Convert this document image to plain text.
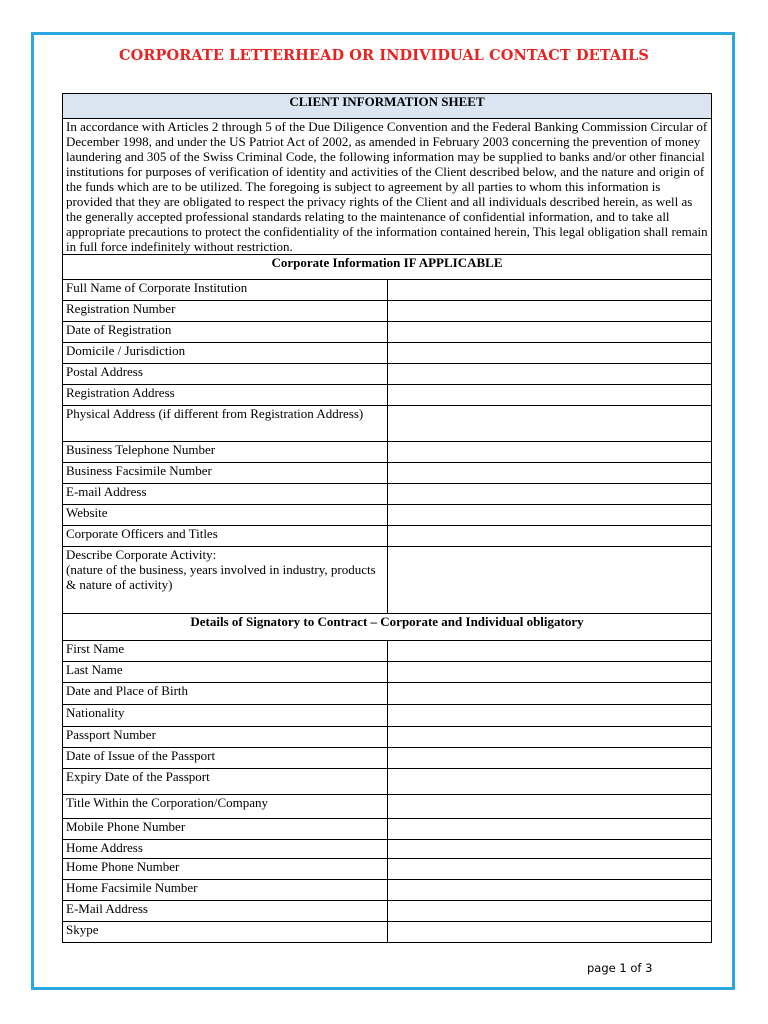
CORPORATE LETTERHEAD OR INDIVIDUAL CONTACT DETAILS
CLIENT INFORMATION SHEET	
In accordance with Articles 2 through 5 of the Due Diligence Convention and the Federal Banking Commission Circular of December 1998, and under the US Patriot Act of 2002, as amended in February 2003 concerning the prevention of money laundering and 305 of the Swiss Criminal Code, the following information may be supplied to banks and/or other financial institutions for purposes of verification of identity and activities of the Client described below, and the nature and origin of the funds which are to be utilized. The foregoing is subject to agreement by all parties to whom this information is provided that they are obligated to respect the privacy rights of the Client and all individuals described herein, as well as the generally accepted professional standards relating to the maintenance of confidential information, and to take all appropriate precautions to protect the confidentiality of the information contained herein, This legal obligation shall remain in full force indefinitely without restriction.	
Corporate Information IF APPLICABLE	
Full Name of Corporate Institution	
Registration Number	
Date of Registration	
Domicile / Jurisdiction	
Postal Address	
Registration Address	
Physical Address (if different from Registration Address)	
Business Telephone Number	
Business Facsimile Number	
E-mail Address	
Website	
Corporate Officers and Titles	
Describe Corporate Activity:
(nature of the business, years involved in industry, products & nature of activity)	
Details of Signatory to Contract – Corporate and Individual obligatory	
First Name	
Last Name	
Date and Place of Birth	
Nationality	
Passport Number	
Date of Issue of the Passport	
Expiry Date of the Passport	
Title Within the Corporation/Company	
Mobile Phone Number	
Home Address	
Home Phone Number	
Home Facsimile Number	
E-Mail Address	
Skype	
page 1 of 3
